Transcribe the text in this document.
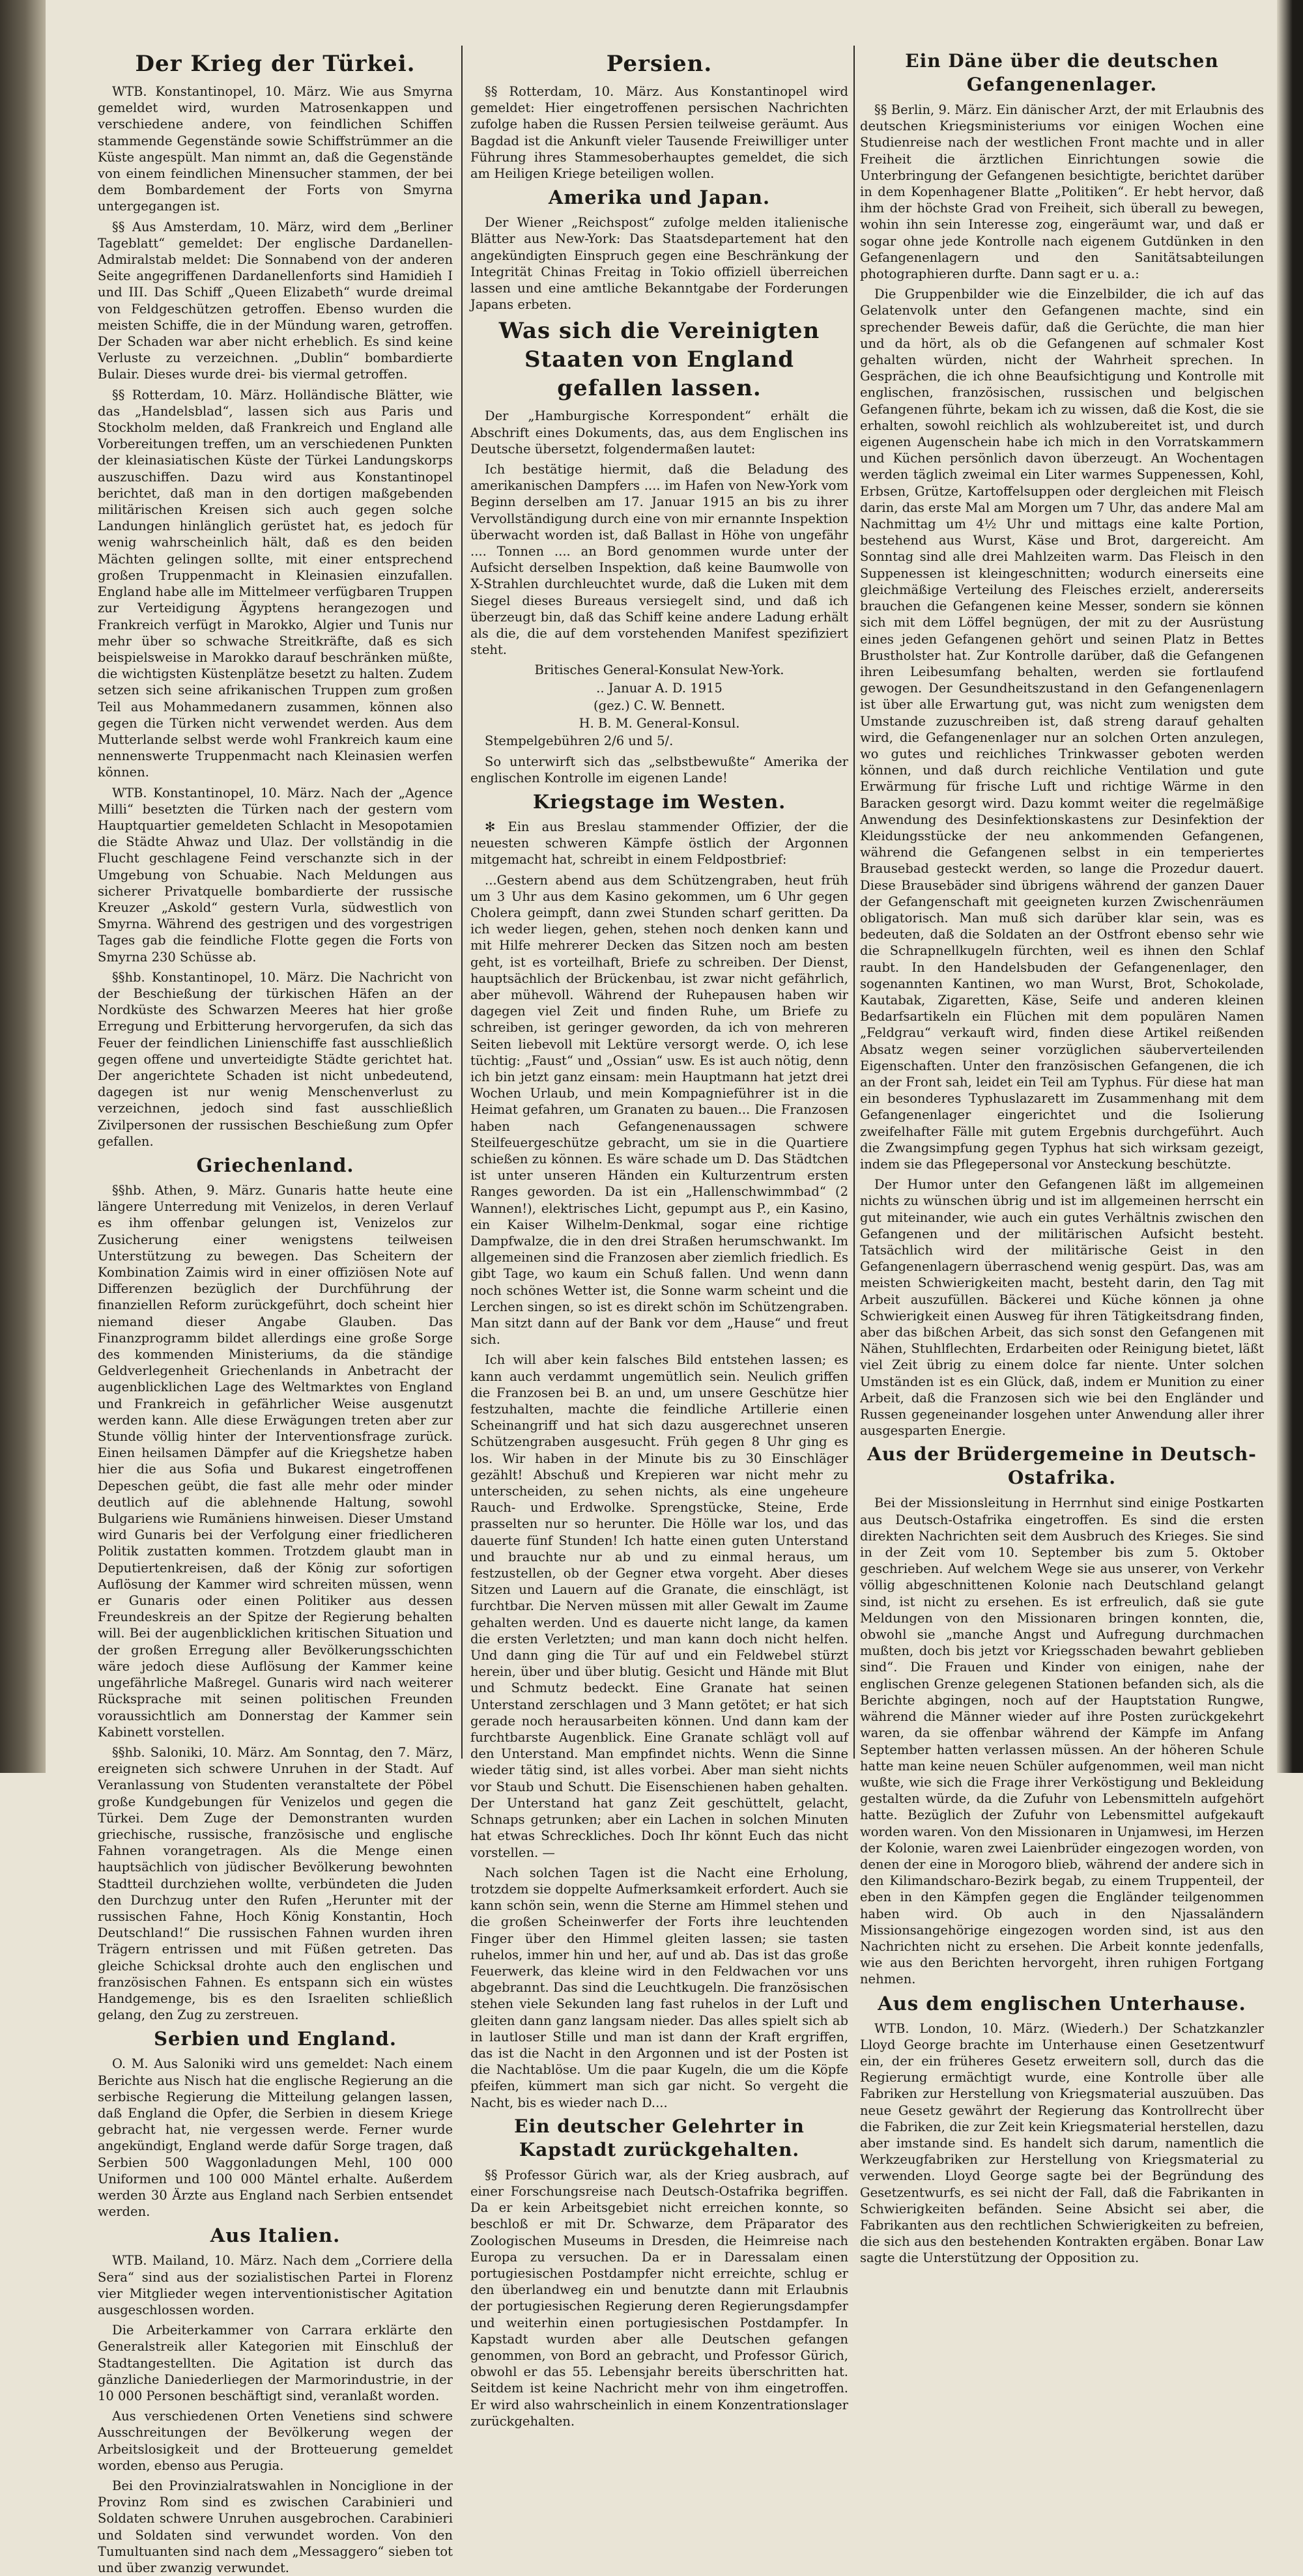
Der Krieg der Türkei.

WTB. Konstantinopel, 10. März. Wie aus Smyrna gemeldet wird, wurden Matrosenkappen und verschiedene andere, von feindlichen Schiffen stammende Gegenstände sowie Schiffstrümmer an die Küste angespült. Man nimmt an, daß die Gegenstände von einem feindlichen Minensucher stammen, der bei dem Bombardement der Forts von Smyrna untergegangen ist.

§§ Aus Amsterdam, 10. März, wird dem „Berliner Tageblatt“ gemeldet: Der englische Dardanellen-Admiralstab meldet: Die Sonnabend von der anderen Seite angegriffenen Dardanellenforts sind Hamidieh I und III. Das Schiff „Queen Elizabeth“ wurde dreimal von Feldgeschützen getroffen. Ebenso wurden die meisten Schiffe, die in der Mündung waren, getroffen. Der Schaden war aber nicht erheblich. Es sind keine Verluste zu verzeichnen. „Dublin“ bombardierte Bulair. Dieses wurde drei- bis viermal getroffen.

§§ Rotterdam, 10. März. Holländische Blätter, wie das „Handelsblad“, lassen sich aus Paris und Stockholm melden, daß Frankreich und England alle Vorbereitungen treffen, um an verschiedenen Punkten der kleinasiatischen Küste der Türkei Landungskorps auszuschiffen. Dazu wird aus Konstantinopel berichtet, daß man in den dortigen maßgebenden militärischen Kreisen sich auch gegen solche Landungen hinlänglich gerüstet hat, es jedoch für wenig wahrscheinlich hält, daß es den beiden Mächten gelingen sollte, mit einer entsprechend großen Truppenmacht in Kleinasien einzufallen. England habe alle im Mittelmeer verfügbaren Truppen zur Verteidigung Ägyptens herangezogen und Frankreich verfügt in Marokko, Algier und Tunis nur mehr über so schwache Streitkräfte, daß es sich beispielsweise in Marokko darauf beschränken müßte, die wichtigsten Küstenplätze besetzt zu halten. Zudem setzen sich seine afrikanischen Truppen zum großen Teil aus Mohammedanern zusammen, können also gegen die Türken nicht verwendet werden. Aus dem Mutterlande selbst werde wohl Frankreich kaum eine nennenswerte Truppenmacht nach Kleinasien werfen können.

WTB. Konstantinopel, 10. März. Nach der „Agence Milli“ besetzten die Türken nach der gestern vom Hauptquartier gemeldeten Schlacht in Mesopotamien die Städte Ahwaz und Ulaz. Der vollständig in die Flucht geschlagene Feind verschanzte sich in der Umgebung von Schuabie. Nach Meldungen aus sicherer Privatquelle bombardierte der russische Kreuzer „Askold“ gestern Vurla, südwestlich von Smyrna. Während des gestrigen und des vorgestrigen Tages gab die feindliche Flotte gegen die Forts von Smyrna 230 Schüsse ab.

§§hb. Konstantinopel, 10. März. Die Nachricht von der Beschießung der türkischen Häfen an der Nordküste des Schwarzen Meeres hat hier große Erregung und Erbitterung hervorgerufen, da sich das Feuer der feindlichen Linienschiffe fast ausschließlich gegen offene und unverteidigte Städte gerichtet hat. Der angerichtete Schaden ist nicht unbedeutend, dagegen ist nur wenig Menschenverlust zu verzeichnen, jedoch sind fast ausschließlich Zivilpersonen der russischen Beschießung zum Opfer gefallen.

Griechenland.

§§hb. Athen, 9. März. Gunaris hatte heute eine längere Unterredung mit Venizelos, in deren Verlauf es ihm offenbar gelungen ist, Venizelos zur Zusicherung einer wenigstens teilweisen Unterstützung zu bewegen. Das Scheitern der Kombination Zaimis wird in einer offiziösen Note auf Differenzen bezüglich der Durchführung der finanziellen Reform zurückgeführt, doch scheint hier niemand dieser Angabe Glauben. Das Finanzprogramm bildet allerdings eine große Sorge des kommenden Ministeriums, da die ständige Geldverlegenheit Griechenlands in Anbetracht der augenblicklichen Lage des Weltmarktes von England und Frankreich in gefährlicher Weise ausgenutzt werden kann. Alle diese Erwägungen treten aber zur Stunde völlig hinter der Interventionsfrage zurück. Einen heilsamen Dämpfer auf die Kriegshetze haben hier die aus Sofia und Bukarest eingetroffenen Depeschen geübt, die fast alle mehr oder minder deutlich auf die ablehnende Haltung, sowohl Bulgariens wie Rumäniens hinweisen. Dieser Umstand wird Gunaris bei der Verfolgung einer friedlicheren Politik zustatten kommen. Trotzdem glaubt man in Deputiertenkreisen, daß der König zur sofortigen Auflösung der Kammer wird schreiten müssen, wenn er Gunaris oder einen Politiker aus dessen Freundeskreis an der Spitze der Regierung behalten will. Bei der augenblicklichen kritischen Situation und der großen Erregung aller Bevölkerungsschichten wäre jedoch diese Auflösung der Kammer keine ungefährliche Maßregel. Gunaris wird nach weiterer Rücksprache mit seinen politischen Freunden voraussichtlich am Donnerstag der Kammer sein Kabinett vorstellen.

§§hb. Saloniki, 10. März. Am Sonntag, den 7. März, ereigneten sich schwere Unruhen in der Stadt. Auf Veranlassung von Studenten veranstaltete der Pöbel große Kundgebungen für Venizelos und gegen die Türkei. Dem Zuge der Demonstranten wurden griechische, russische, französische und englische Fahnen vorangetragen. Als die Menge einen hauptsächlich von jüdischer Bevölkerung bewohnten Stadtteil durchziehen wollte, verbündeten die Juden den Durchzug unter den Rufen „Herunter mit der russischen Fahne, Hoch König Konstantin, Hoch Deutschland!“ Die russischen Fahnen wurden ihren Trägern entrissen und mit Füßen getreten. Das gleiche Schicksal drohte auch den englischen und französischen Fahnen. Es entspann sich ein wüstes Handgemenge, bis es den Israeliten schließlich gelang, den Zug zu zerstreuen.

Serbien und England.

O. M. Aus Saloniki wird uns gemeldet: Nach einem Berichte aus Nisch hat die englische Regierung an die serbische Regierung die Mitteilung gelangen lassen, daß England die Opfer, die Serbien in diesem Kriege gebracht hat, nie vergessen werde. Ferner wurde angekündigt, England werde dafür Sorge tragen, daß Serbien 500 Waggonladungen Mehl, 100 000 Uniformen und 100 000 Mäntel erhalte. Außerdem werden 30 Ärzte aus England nach Serbien entsendet werden.

Aus Italien.

WTB. Mailand, 10. März. Nach dem „Corriere della Sera“ sind aus der sozialistischen Partei in Florenz vier Mitglieder wegen interventionistischer Agitation ausgeschlossen worden.

Die Arbeiterkammer von Carrara erklärte den Generalstreik aller Kategorien mit Einschluß der Stadtangestellten. Die Agitation ist durch das gänzliche Daniederliegen der Marmorindustrie, in der 10 000 Personen beschäftigt sind, veranlaßt worden.

Aus verschiedenen Orten Venetiens sind schwere Ausschreitungen der Bevölkerung wegen der Arbeitslosigkeit und der Brotteuerung gemeldet worden, ebenso aus Perugia.

Bei den Provinzialratswahlen in Nonciglione in der Provinz Rom sind es zwischen Carabinieri und Soldaten schwere Unruhen ausgebrochen. Carabinieri und Soldaten sind verwundet worden. Von den Tumultuanten sind nach dem „Messaggero“ sieben tot und über zwanzig verwundet.

Persien.

§§ Rotterdam, 10. März. Aus Konstantinopel wird gemeldet: Hier eingetroffenen persischen Nachrichten zufolge haben die Russen Persien teilweise geräumt. Aus Bagdad ist die Ankunft vieler Tausende Freiwilliger unter Führung ihres Stammesoberhauptes gemeldet, die sich am Heiligen Kriege beteiligen wollen.

Amerika und Japan.

Der Wiener „Reichspost“ zufolge melden italienische Blätter aus New-York: Das Staatsdepartement hat den angekündigten Einspruch gegen eine Beschränkung der Integrität Chinas Freitag in Tokio offiziell überreichen lassen und eine amtliche Bekanntgabe der Forderungen Japans erbeten.

Was sich die Vereinigten Staaten von England gefallen lassen.

Der „Hamburgische Korrespondent“ erhält die Abschrift eines Dokuments, das, aus dem Englischen ins Deutsche übersetzt, folgendermaßen lautet:

Ich bestätige hiermit, daß die Beladung des amerikanischen Dampfers .... im Hafen von New-York vom Beginn derselben am 17. Januar 1915 an bis zu ihrer Vervollständigung durch eine von mir ernannte Inspektion überwacht worden ist, daß Ballast in Höhe von ungefähr .... Tonnen .... an Bord genommen wurde unter der Aufsicht derselben Inspektion, daß keine Baumwolle von X-Strahlen durchleuchtet wurde, daß die Luken mit dem Siegel dieses Bureaus versiegelt sind, und daß ich überzeugt bin, daß das Schiff keine andere Ladung erhält als die, die auf dem vorstehenden Manifest spezifiziert steht.

Britisches General-Konsulat New-York.

.. Januar A. D. 1915

(gez.) C. W. Bennett.

H. B. M. General-Konsul.

Stempelgebühren 2/6 und 5/.

So unterwirft sich das „selbstbewußte“ Amerika der englischen Kontrolle im eigenen Lande!

Kriegstage im Westen.

✻ Ein aus Breslau stammender Offizier, der die neuesten schweren Kämpfe östlich der Argonnen mitgemacht hat, schreibt in einem Feldpostbrief:

...Gestern abend aus dem Schützengraben, heut früh um 3 Uhr aus dem Kasino gekommen, um 6 Uhr gegen Cholera geimpft, dann zwei Stunden scharf geritten. Da ich weder liegen, gehen, stehen noch denken kann und mit Hilfe mehrerer Decken das Sitzen noch am besten geht, ist es vorteilhaft, Briefe zu schreiben. Der Dienst, hauptsächlich der Brückenbau, ist zwar nicht gefährlich, aber mühevoll. Während der Ruhepausen haben wir dagegen viel Zeit und finden Ruhe, um Briefe zu schreiben, ist geringer geworden, da ich von mehreren Seiten liebevoll mit Lektüre versorgt werde. O, ich lese tüchtig: „Faust“ und „Ossian“ usw. Es ist auch nötig, denn ich bin jetzt ganz einsam: mein Hauptmann hat jetzt drei Wochen Urlaub, und mein Kompagnieführer ist in die Heimat gefahren, um Granaten zu bauen... Die Franzosen haben nach Gefangenenaussagen schwere Steilfeuergeschütze gebracht, um sie in die Quartiere schießen zu können. Es wäre schade um D. Das Städtchen ist unter unseren Händen ein Kulturzentrum ersten Ranges geworden. Da ist ein „Hallenschwimmbad“ (2 Wannen!), elektrisches Licht, gepumpt aus P., ein Kasino, ein Kaiser Wilhelm-Denkmal, sogar eine richtige Dampfwalze, die in den drei Straßen herumschwankt. Im allgemeinen sind die Franzosen aber ziemlich friedlich. Es gibt Tage, wo kaum ein Schuß fallen. Und wenn dann noch schönes Wetter ist, die Sonne warm scheint und die Lerchen singen, so ist es direkt schön im Schützengraben. Man sitzt dann auf der Bank vor dem „Hause“ und freut sich.

Ich will aber kein falsches Bild entstehen lassen; es kann auch verdammt ungemütlich sein. Neulich griffen die Franzosen bei B. an und, um unsere Geschütze hier festzuhalten, machte die feindliche Artillerie einen Scheinangriff und hat sich dazu ausgerechnet unseren Schützengraben ausgesucht. Früh gegen 8 Uhr ging es los. Wir haben in der Minute bis zu 30 Einschläger gezählt! Abschuß und Krepieren war nicht mehr zu unterscheiden, zu sehen nichts, als eine ungeheure Rauch- und Erdwolke. Sprengstücke, Steine, Erde prasselten nur so herunter. Die Hölle war los, und das dauerte fünf Stunden! Ich hatte einen guten Unterstand und brauchte nur ab und zu einmal heraus, um festzustellen, ob der Gegner etwa vorgeht. Aber dieses Sitzen und Lauern auf die Granate, die einschlägt, ist furchtbar. Die Nerven müssen mit aller Gewalt im Zaume gehalten werden. Und es dauerte nicht lange, da kamen die ersten Verletzten; und man kann doch nicht helfen. Und dann ging die Tür auf und ein Feldwebel stürzt herein, über und über blutig. Gesicht und Hände mit Blut und Schmutz bedeckt. Eine Granate hat seinen Unterstand zerschlagen und 3 Mann getötet; er hat sich gerade noch herausarbeiten können. Und dann kam der furchtbarste Augenblick. Eine Granate schlägt voll auf den Unterstand. Man empfindet nichts. Wenn die Sinne wieder tätig sind, ist alles vorbei. Aber man sieht nichts vor Staub und Schutt. Die Eisenschienen haben gehalten. Der Unterstand hat ganz Zeit geschüttelt, gelacht, Schnaps getrunken; aber ein Lachen in solchen Minuten hat etwas Schreckliches. Doch Ihr könnt Euch das nicht vorstellen. —

Nach solchen Tagen ist die Nacht eine Erholung, trotzdem sie doppelte Aufmerksamkeit erfordert. Auch sie kann schön sein, wenn die Sterne am Himmel stehen und die großen Scheinwerfer der Forts ihre leuchtenden Finger über den Himmel gleiten lassen; sie tasten ruhelos, immer hin und her, auf und ab. Das ist das große Feuerwerk, das kleine wird in den Feldwachen vor uns abgebrannt. Das sind die Leuchtkugeln. Die französischen stehen viele Sekunden lang fast ruhelos in der Luft und gleiten dann ganz langsam nieder. Das alles spielt sich ab in lautloser Stille und man ist dann der Kraft ergriffen, das ist die Nacht in den Argonnen und ist der Posten ist die Nachtablöse. Um die paar Kugeln, die um die Köpfe pfeifen, kümmert man sich gar nicht. So vergeht die Nacht, bis es wieder nach D....

Ein deutscher Gelehrter in Kapstadt zurückgehalten.

§§ Professor Gürich war, als der Krieg ausbrach, auf einer Forschungsreise nach Deutsch-Ostafrika begriffen. Da er kein Arbeitsgebiet nicht erreichen konnte, so beschloß er mit Dr. Schwarze, dem Präparator des Zoologischen Museums in Dresden, die Heimreise nach Europa zu versuchen. Da er in Daressalam einen portugiesischen Postdampfer nicht erreichte, schlug er den überlandweg ein und benutzte dann mit Erlaubnis der portugiesischen Regierung deren Regierungsdampfer und weiterhin einen portugiesischen Postdampfer. In Kapstadt wurden aber alle Deutschen gefangen genommen, von Bord an gebracht, und Professor Gürich, obwohl er das 55. Lebensjahr bereits überschritten hat. Seitdem ist keine Nachricht mehr von ihm eingetroffen. Er wird also wahrscheinlich in einem Konzentrationslager zurückgehalten.

Ein Däne über die deutschen Gefangenenlager.

§§ Berlin, 9. März. Ein dänischer Arzt, der mit Erlaubnis des deutschen Kriegsministeriums vor einigen Wochen eine Studienreise nach der westlichen Front machte und in aller Freiheit die ärztlichen Einrichtungen sowie die Unterbringung der Gefangenen besichtigte, berichtet darüber in dem Kopenhagener Blatte „Politiken“. Er hebt hervor, daß ihm der höchste Grad von Freiheit, sich überall zu bewegen, wohin ihn sein Interesse zog, eingeräumt war, und daß er sogar ohne jede Kontrolle nach eigenem Gutdünken in den Gefangenenlagern und den Sanitätsabteilungen photographieren durfte. Dann sagt er u. a.:

Die Gruppenbilder wie die Einzelbilder, die ich auf das Gelatenvolk unter den Gefangenen machte, sind ein sprechender Beweis dafür, daß die Gerüchte, die man hier und da hört, als ob die Gefangenen auf schmaler Kost gehalten würden, nicht der Wahrheit sprechen. In Gesprächen, die ich ohne Beaufsichtigung und Kontrolle mit englischen, französischen, russischen und belgischen Gefangenen führte, bekam ich zu wissen, daß die Kost, die sie erhalten, sowohl reichlich als wohlzubereitet ist, und durch eigenen Augenschein habe ich mich in den Vorratskammern und Küchen persönlich davon überzeugt. An Wochentagen werden täglich zweimal ein Liter warmes Suppenessen, Kohl, Erbsen, Grütze, Kartoffelsuppen oder dergleichen mit Fleisch darin, das erste Mal am Morgen um 7 Uhr, das andere Mal am Nachmittag um 4½ Uhr und mittags eine kalte Portion, bestehend aus Wurst, Käse und Brot, dargereicht. Am Sonntag sind alle drei Mahlzeiten warm. Das Fleisch in den Suppenessen ist kleingeschnitten; wodurch einerseits eine gleichmäßige Verteilung des Fleisches erzielt, andererseits brauchen die Gefangenen keine Messer, sondern sie können sich mit dem Löffel begnügen, der mit zu der Ausrüstung eines jeden Gefangenen gehört und seinen Platz in Bettes Brustholster hat. Zur Kontrolle darüber, daß die Gefangenen ihren Leibesumfang behalten, werden sie fortlaufend gewogen. Der Gesundheitszustand in den Gefangenenlagern ist über alle Erwartung gut, was nicht zum wenigsten dem Umstande zuzuschreiben ist, daß streng darauf gehalten wird, die Gefangenenlager nur an solchen Orten anzulegen, wo gutes und reichliches Trinkwasser geboten werden können, und daß durch reichliche Ventilation und gute Erwärmung für frische Luft und richtige Wärme in den Baracken gesorgt wird. Dazu kommt weiter die regelmäßige Anwendung des Desinfektionskastens zur Desinfektion der Kleidungsstücke der neu ankommenden Gefangenen, während die Gefangenen selbst in ein temperiertes Brausebad gesteckt werden, so lange die Prozedur dauert. Diese Brausebäder sind übrigens während der ganzen Dauer der Gefangenschaft mit geeigneten kurzen Zwischenräumen obligatorisch. Man muß sich darüber klar sein, was es bedeuten, daß die Soldaten an der Ostfront ebenso sehr wie die Schrapnellkugeln fürchten, weil es ihnen den Schlaf raubt. In den Handelsbuden der Gefangenenlager, den sogenannten Kantinen, wo man Wurst, Brot, Schokolade, Kautabak, Zigaretten, Käse, Seife und anderen kleinen Bedarfsartikeln ein Flüchen mit dem populären Namen „Feldgrau“ verkauft wird, finden diese Artikel reißenden Absatz wegen seiner vorzüglichen säuberverteilenden Eigenschaften. Unter den französischen Gefangenen, die ich an der Front sah, leidet ein Teil am Typhus. Für diese hat man ein besonderes Typhuslazarett im Zusammenhang mit dem Gefangenenlager eingerichtet und die Isolierung zweifelhafter Fälle mit gutem Ergebnis durchgeführt. Auch die Zwangsimpfung gegen Typhus hat sich wirksam gezeigt, indem sie das Pflegepersonal vor Ansteckung beschützte.

Der Humor unter den Gefangenen läßt im allgemeinen nichts zu wünschen übrig und ist im allgemeinen herrscht ein gut miteinander, wie auch ein gutes Verhältnis zwischen den Gefangenen und der militärischen Aufsicht besteht. Tatsächlich wird der militärische Geist in den Gefangenenlagern überraschend wenig gespürt. Das, was am meisten Schwierigkeiten macht, besteht darin, den Tag mit Arbeit auszufüllen. Bäckerei und Küche können ja ohne Schwierigkeit einen Ausweg für ihren Tätigkeitsdrang finden, aber das bißchen Arbeit, das sich sonst den Gefangenen mit Nähen, Stuhlflechten, Erdarbeiten oder Reinigung bietet, läßt viel Zeit übrig zu einem dolce far niente. Unter solchen Umständen ist es ein Glück, daß, indem er Munition zu einer Arbeit, daß die Franzosen sich wie bei den Engländer und Russen gegeneinander losgehen unter Anwendung aller ihrer ausgesparten Energie.

Aus der Brüdergemeine in Deutsch-Ostafrika.

Bei der Missionsleitung in Herrnhut sind einige Postkarten aus Deutsch-Ostafrika eingetroffen. Es sind die ersten direkten Nachrichten seit dem Ausbruch des Krieges. Sie sind in der Zeit vom 10. September bis zum 5. Oktober geschrieben. Auf welchem Wege sie aus unserer, von Verkehr völlig abgeschnittenen Kolonie nach Deutschland gelangt sind, ist nicht zu ersehen. Es ist erfreulich, daß sie gute Meldungen von den Missionaren bringen konnten, die, obwohl sie „manche Angst und Aufregung durchmachen mußten, doch bis jetzt vor Kriegsschaden bewahrt geblieben sind“. Die Frauen und Kinder von einigen, nahe der englischen Grenze gelegenen Stationen befanden sich, als die Berichte abgingen, noch auf der Hauptstation Rungwe, während die Männer wieder auf ihre Posten zurückgekehrt waren, da sie offenbar während der Kämpfe im Anfang September hatten verlassen müssen. An der höheren Schule hatte man keine neuen Schüler aufgenommen, weil man nicht wußte, wie sich die Frage ihrer Verköstigung und Bekleidung gestalten würde, da die Zufuhr von Lebensmitteln aufgehört hatte. Bezüglich der Zufuhr von Lebensmittel aufgekauft worden waren. Von den Missionaren in Unjamwesi, im Herzen der Kolonie, waren zwei Laienbrüder eingezogen worden, von denen der eine in Morogoro blieb, während der andere sich in den Kilimandscharo-Bezirk begab, zu einem Truppenteil, der eben in den Kämpfen gegen die Engländer teilgenommen haben wird. Ob auch in den Njassaländern Missionsangehörige eingezogen worden sind, ist aus den Nachrichten nicht zu ersehen. Die Arbeit konnte jedenfalls, wie aus den Berichten hervorgeht, ihren ruhigen Fortgang nehmen.

Aus dem englischen Unterhause.

WTB. London, 10. März. (Wiederh.) Der Schatzkanzler Lloyd George brachte im Unterhause einen Gesetzentwurf ein, der ein früheres Gesetz erweitern soll, durch das die Regierung ermächtigt wurde, eine Kontrolle über alle Fabriken zur Herstellung von Kriegsmaterial auszuüben. Das neue Gesetz gewährt der Regierung das Kontrollrecht über die Fabriken, die zur Zeit kein Kriegsmaterial herstellen, dazu aber imstande sind. Es handelt sich darum, namentlich die Werkzeugfabriken zur Herstellung von Kriegsmaterial zu verwenden. Lloyd George sagte bei der Begründung des Gesetzentwurfs, es sei nicht der Fall, daß die Fabrikanten in Schwierigkeiten befänden. Seine Absicht sei aber, die Fabrikanten aus den rechtlichen Schwierigkeiten zu befreien, die sich aus den bestehenden Kontrakten ergäben. Bonar Law sagte die Unterstützung der Opposition zu.
